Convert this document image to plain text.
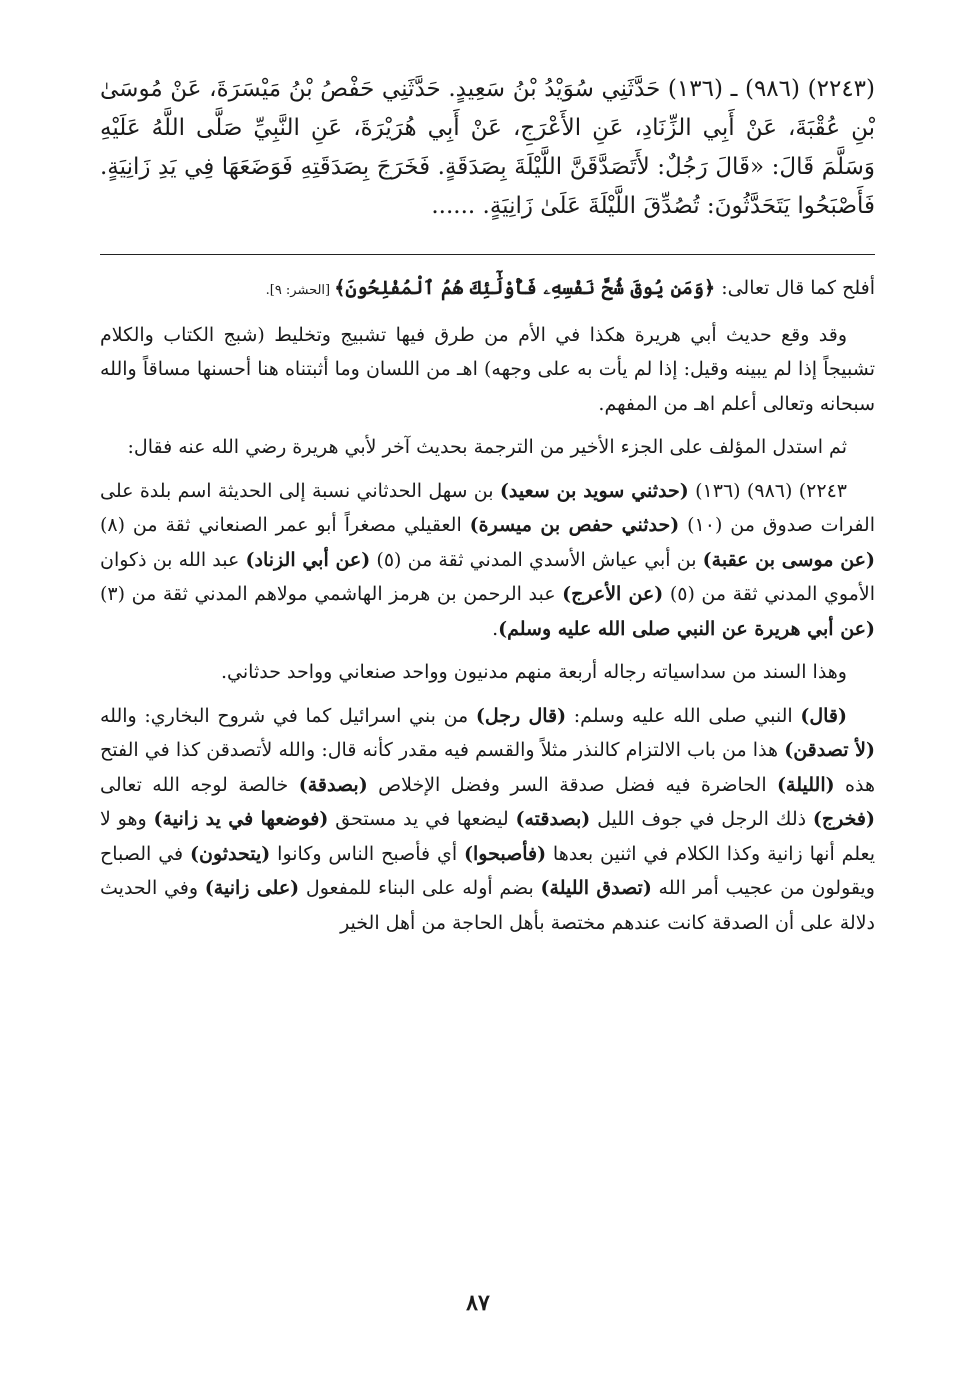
(٢٢٤٣) (٩٨٦) ـ (١٣٦) حَدَّثَنِي سُوَيْدُ بْنُ سَعِيدٍ. حَدَّثَنِي حَفْصُ بْنُ مَيْسَرَةَ، عَنْ مُوسَىٰ بْنِ عُقْبَةَ، عَنْ أَبِي الزِّنَادِ، عَنِ الأَعْرَجِ، عَنْ أَبِي هُرَيْرَةَ، عَنِ النَّبِيِّ صَلَّى اللَّهُ عَلَيْهِ وَسَلَّمَ قَالَ: «قَالَ رَجُلٌ: لأَتَصَدَّقَنَّ اللَّيْلَةَ بِصَدَقَةٍ. فَخَرَجَ بِصَدَقَتِهِ فَوَضَعَهَا فِي يَدِ زَانِيَةٍ. فَأَصْبَحُوا يَتَحَدَّثُونَ: تُصُدِّقَ اللَّيْلَةَ عَلَىٰ زَانِيَةٍ. ......

أفلح كما قال تعالى: ﴿وَمَن يُوقَ شُحَّ نَفْسِهِۦ فَأُوْلَٰٓئِكَ هُمُ ٱلْمُفْلِحُونَ﴾ [الحشر: ٩].

وقد وقع حديث أبي هريرة هكذا في الأم من طرق فيها تشبيج وتخليط (شبج الكتاب والكلام تشبيجاً إذا لم يبينه وقيل: إذا لم يأت به على وجهه) اهـ من اللسان وما أثبتناه هنا أحسنها مساقاً والله سبحانه وتعالى أعلم اهـ من المفهم.

ثم استدل المؤلف على الجزء الأخير من الترجمة بحديث آخر لأبي هريرة رضي الله عنه فقال:

٢٢٤٣) (٩٨٦) (١٣٦) (حدثني سويد بن سعيد) بن سهل الحدثاني نسبة إلى الحديثة اسم بلدة على الفرات صدوق من (١٠) (حدثني حفص بن ميسرة) العقيلي مصغراً أبو عمر الصنعاني ثقة من (٨) (عن موسى بن عقبة) بن أبي عياش الأسدي المدني ثقة من (٥) (عن أبي الزناد) عبد الله بن ذكوان الأموي المدني ثقة من (٥) (عن الأعرج) عبد الرحمن بن هرمز الهاشمي مولاهم المدني ثقة من (٣) (عن أبي هريرة عن النبي صلى الله عليه وسلم).

وهذا السند من سداسياته رجاله أربعة منهم مدنيون وواحد صنعاني وواحد حدثاني.

(قال) النبي صلى الله عليه وسلم: (قال رجل) من بني اسرائيل كما في شروح البخاري: والله (لأ تصدقن) هذا من باب الالتزام كالنذر مثلاً والقسم فيه مقدر كأنه قال: والله لأتصدقن كذا في الفتح هذه (الليلة) الحاضرة فيه فضل صدقة السر وفضل الإخلاص (بصدقة) خالصة لوجه الله تعالى (فخرج) ذلك الرجل في جوف الليل (بصدقته) ليضعها في يد مستحق (فوضعها في يد زانية) وهو لا يعلم أنها زانية وكذا الكلام في اثنين بعدها (فأصبحوا) أي فأصبح الناس وكانوا (يتحدثون) في الصباح ويقولون من عجيب أمر الله (تصدق الليلة) بضم أوله على البناء للمفعول (على زانية) وفي الحديث دلالة على أن الصدقة كانت عندهم مختصة بأهل الحاجة من أهل الخير

٨٧
